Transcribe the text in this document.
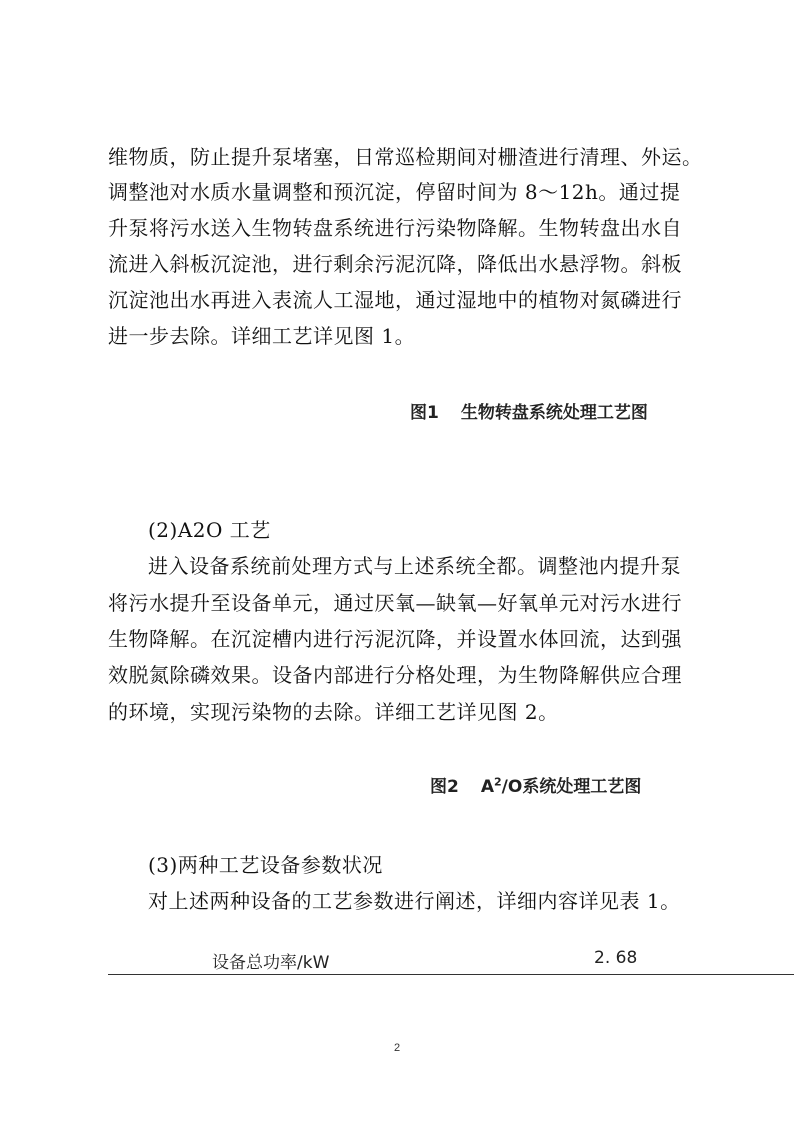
维物质，防止提升泵堵塞，日常巡检期间对栅渣进行清理、外运。
调整池对水质水量调整和预沉淀，停留时间为 8～12h。通过提
升泵将污水送入生物转盘系统进行污染物降解。生物转盘出水自
流进入斜板沉淀池，进行剩余污泥沉降，降低出水悬浮物。斜板
沉淀池出水再进入表流人工湿地，通过湿地中的植物对氮磷进行
进一步去除。详细工艺详见图 1。
图1 生物转盘系统处理工艺图
(2)A2O 工艺
进入设备系统前处理方式与上述系统全都。调整池内提升泵
将污水提升至设备单元，通过厌氧—缺氧—好氧单元对污水进行
生物降解。在沉淀槽内进行污泥沉降，并设置水体回流，达到强
效脱氮除磷效果。设备内部进行分格处理，为生物降解供应合理
的环境，实现污染物的去除。详细工艺详见图 2。
图2 $A^2/O$系统处理工艺图
(3)两种工艺设备参数状况
对上述两种设备的工艺参数进行阐述，详细内容详见表 1。
设备总功率/kW	2. 68
2
